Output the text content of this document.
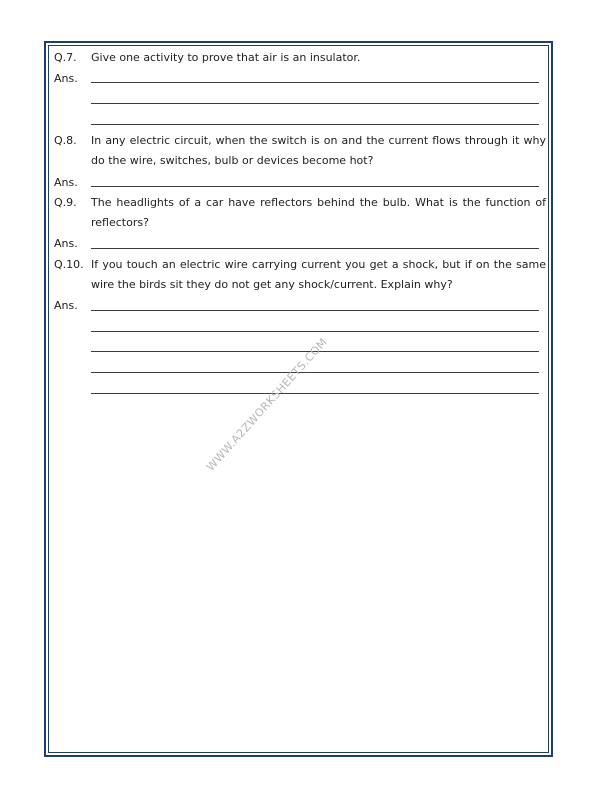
Q.7. Give one activity to prove that air is an insulator.
Ans.
Q.8. In any electric circuit, when the switch is on and the current flows through it why do the wire, switches, bulb or devices become hot?
Ans.
Q.9. The headlights of a car have reflectors behind the bulb. What is the function of reflectors?
Ans.
Q.10. If you touch an electric wire carrying current you get a shock, but if on the same wire the birds sit they do not get any shock/current. Explain why?
Ans.
WWW.A2ZWORKSHEETS.COM
